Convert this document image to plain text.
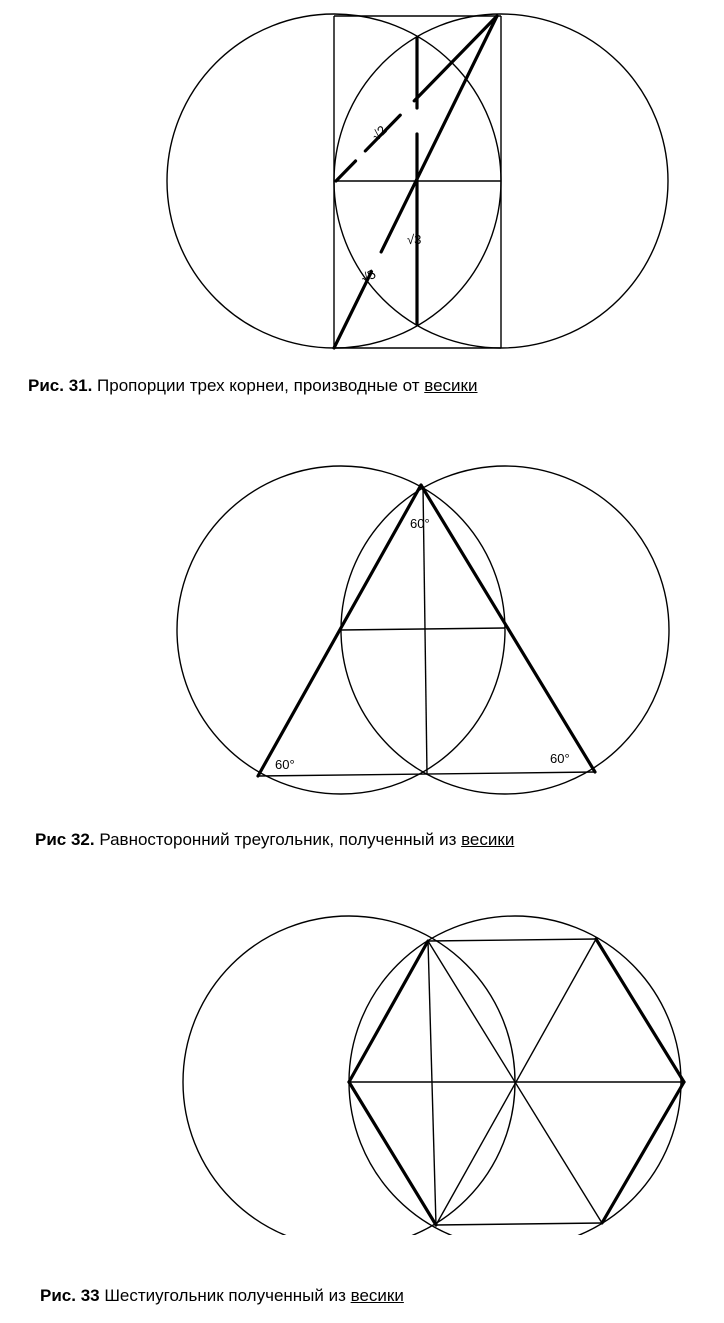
√2
√3
√5
Рис. 31. Пропорции трех корнеи, производные от весики
60°
60°	60°
Рис 32. Равносторонний треугольник, полученный из весики
Рис. 33 Шестиугольник полученный из весики
